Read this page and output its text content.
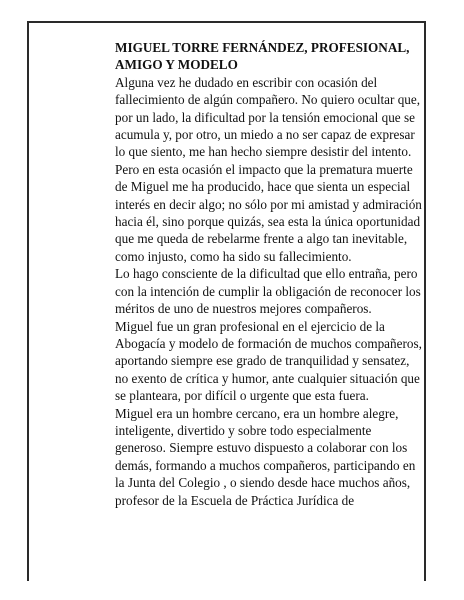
MIGUEL TORRE FERNÁNDEZ, PROFESIONAL, AMIGO Y MODELO

Alguna vez he dudado en escribir con ocasión del fallecimiento de algún compañero. No quiero ocultar que, por un lado, la dificultad por la tensión emocional que se acumula y, por otro, un miedo a no ser capaz de expresar lo que siento, me han hecho siempre desistir del intento.

Pero en esta ocasión el impacto que la prematura muerte de Miguel me ha producido, hace que sienta un especial interés en decir algo; no sólo por mi amistad y admiración hacia él, sino porque quizás, sea esta la única oportunidad que me queda de rebelarme frente a algo tan inevitable, como injusto, como ha sido su fallecimiento.

Lo hago consciente de la dificultad que ello entraña, pero con la intención de cumplir la obligación de reconocer los méritos de uno de nuestros mejores compañeros.

Miguel fue un gran profesional en el ejercicio de la Abogacía y modelo de formación de muchos compañeros, aportando siempre ese grado de tranquilidad y sensatez, no exento de crítica y humor, ante cualquier situación que se planteara, por difícil o urgente que esta fuera.

Miguel era un hombre cercano, era un hombre alegre, inteligente, divertido y sobre todo especialmente generoso. Siempre estuvo dispuesto a colaborar con los demás, formando a muchos compañeros, participando en la Junta del Colegio , o siendo desde hace muchos años, profesor de la Escuela de Práctica Jurídica de
